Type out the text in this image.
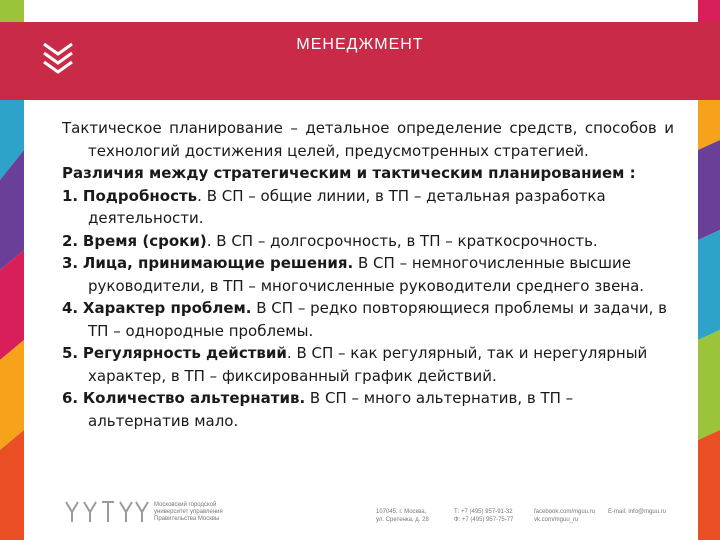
МЕНЕДЖМЕНТ

Тактическое планирование – детальное определение средств, способов и технологий достижения целей, предусмотренных стратегией.

Различия между стратегическим и тактическим планированием :

1. Подробность. В СП – общие линии, в ТП – детальная разработка деятельности.

2. Время (сроки). В СП – долгосрочность, в ТП – краткосрочность.

3. Лица, принимающие решения. В СП – немногочисленные высшие руководители, в ТП – многочисленные руководители среднего звена.

4. Характер проблем. В СП – редко повторяющиеся проблемы и задачи, в ТП – однородные проблемы.

5. Регулярность действий. В СП – как регулярный, так и нерегулярный характер, в ТП – фиксированный график действий.

6. Количество альтернатив. В СП – много альтернатив, в ТП – альтернатив мало.

Московский городской
университет управления
Правительства Москвы
107045, г. Москва,
ул. Сретенка, д. 28
Т: +7 (495) 957-91-32
Ф: +7 (495) 957-75-77
facebook.com/mguu.ru
vk.com/mguu_ru
E-mail: info@mguu.ru
